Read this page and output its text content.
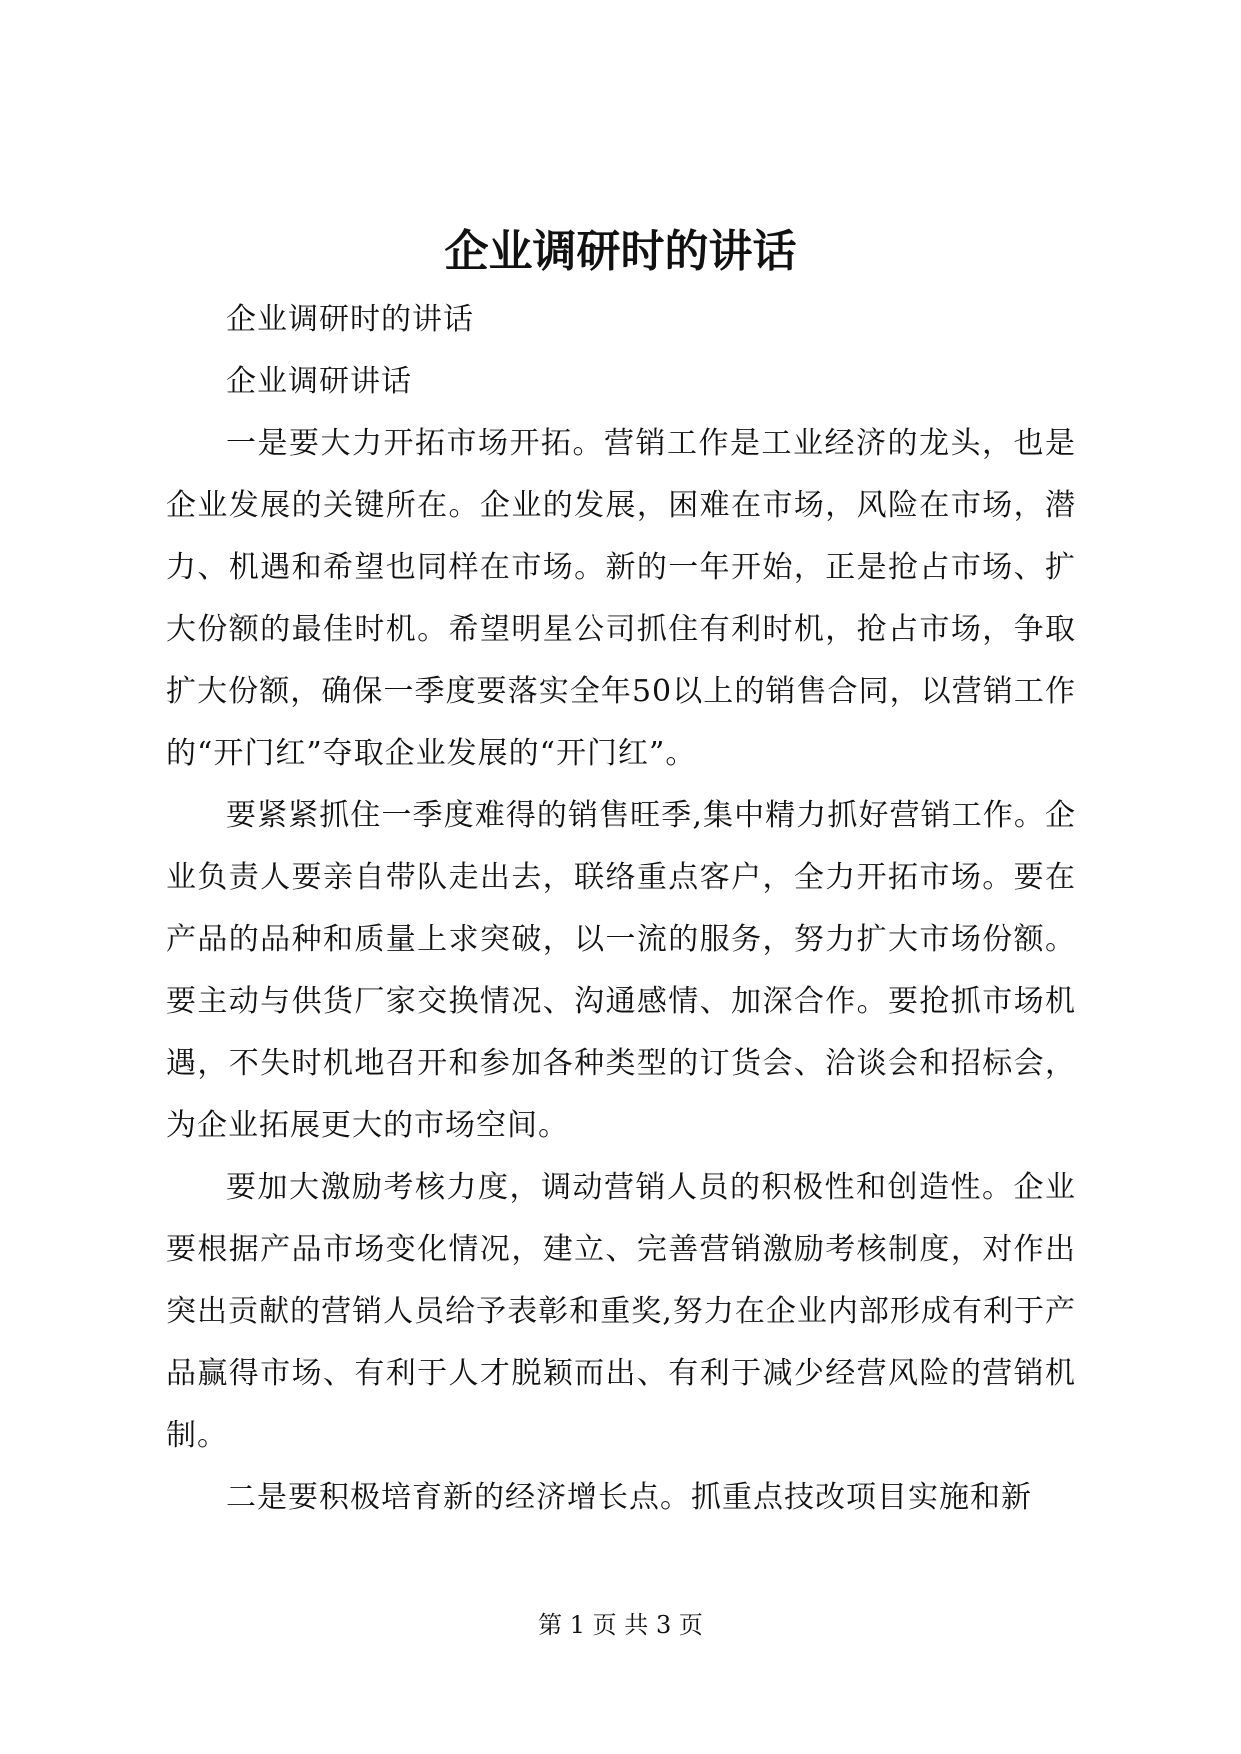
企业调研时的讲话

企业调研时的讲话

企业调研讲话

一是要大力开拓市场开拓。营销工作是工业经济的龙头，也是企业发展的关键所在。企业的发展，困难在市场，风险在市场，潜力、机遇和希望也同样在市场。新的一年开始，正是抢占市场、扩大份额的最佳时机。希望明星公司抓住有利时机，抢占市场，争取扩大份额，确保一季度要落实全年50以上的销售合同，以营销工作的“开门红”夺取企业发展的“开门红”。

要紧紧抓住一季度难得的销售旺季,集中精力抓好营销工作。企业负责人要亲自带队走出去，联络重点客户，全力开拓市场。要在产品的品种和质量上求突破，以一流的服务，努力扩大市场份额。要主动与供货厂家交换情况、沟通感情、加深合作。要抢抓市场机遇，不失时机地召开和参加各种类型的订货会、洽谈会和招标会，为企业拓展更大的市场空间。

要加大激励考核力度，调动营销人员的积极性和创造性。企业要根据产品市场变化情况，建立、完善营销激励考核制度，对作出突出贡献的营销人员给予表彰和重奖,努力在企业内部形成有利于产品赢得市场、有利于人才脱颖而出、有利于减少经营风险的营销机制。

二是要积极培育新的经济增长点。抓重点技改项目实施和新

第 1 页 共 3 页
